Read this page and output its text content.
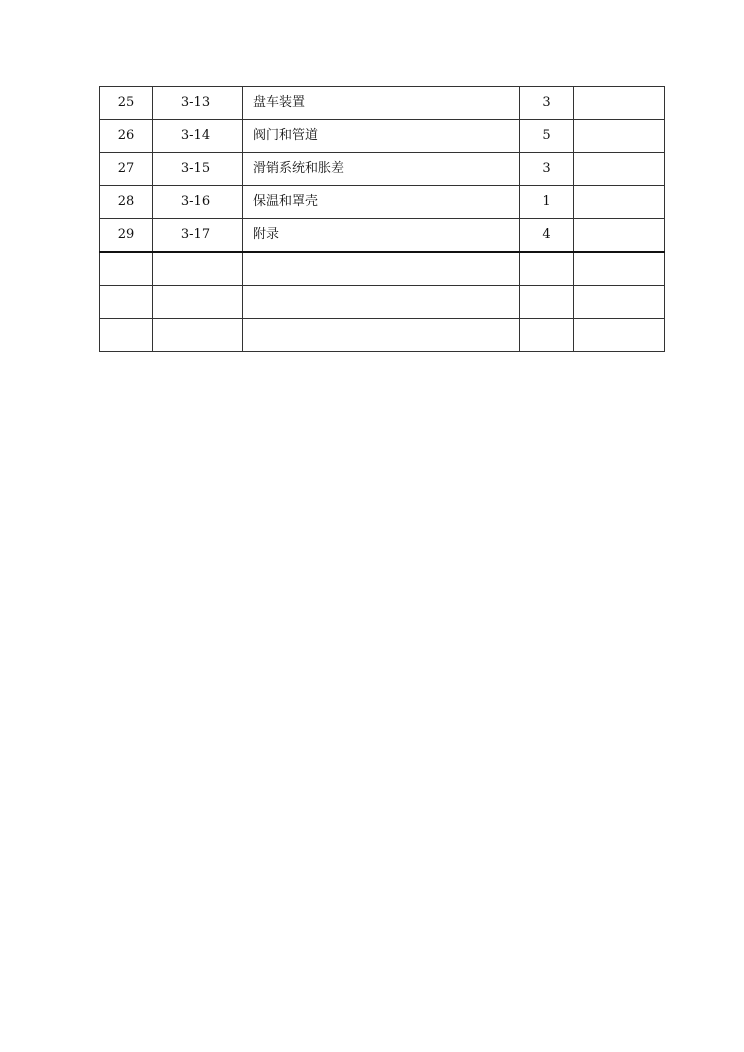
25	3-13	盘车装置	3	
26	3-14	阀门和管道	5	
27	3-15	滑销系统和胀差	3	
28	3-16	保温和罩壳	1	
29	3-17	附录	4	
